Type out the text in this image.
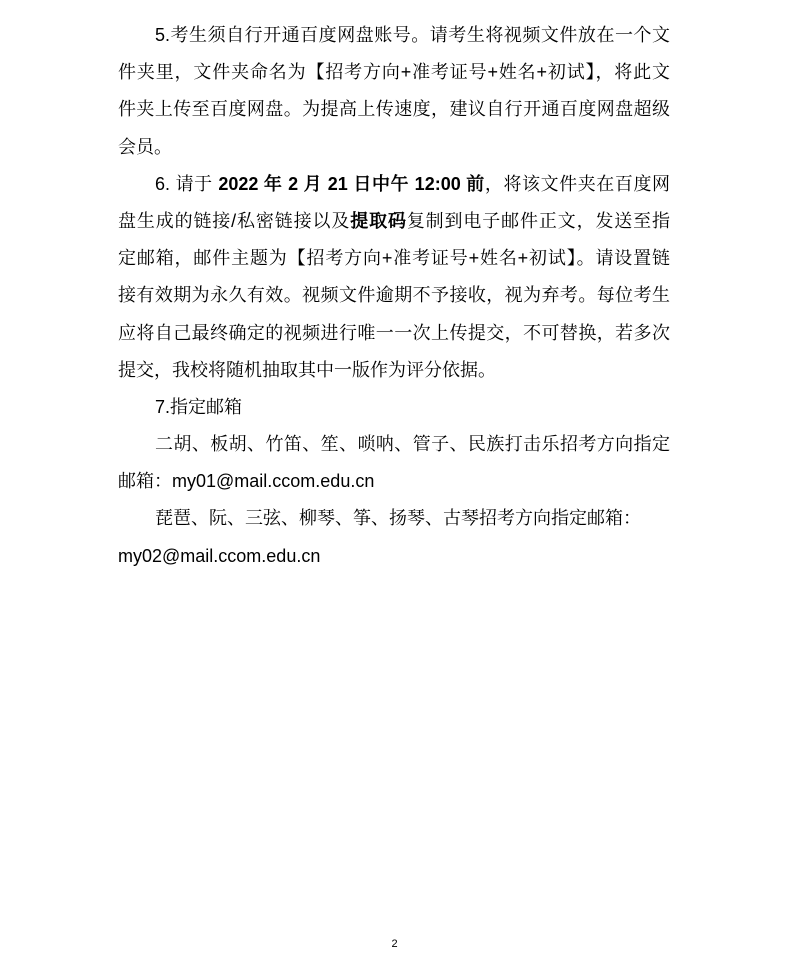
5.考生须自行开通百度网盘账号。请考生将视频文件放在一个文
件夹里，文件夹命名为【招考方向+准考证号+姓名+初试】，将此文
件夹上传至百度网盘。为提高上传速度，建议自行开通百度网盘超级
会员。
6. 请于 2022 年 2 月 21 日中午 12:00 前，将该文件夹在百度网
盘生成的链接/私密链接以及提取码复制到电子邮件正文，发送至指
定邮箱，邮件主题为【招考方向+准考证号+姓名+初试】。请设置链
接有效期为永久有效。视频文件逾期不予接收，视为弃考。每位考生
应将自己最终确定的视频进行唯一一次上传提交，不可替换，若多次
提交，我校将随机抽取其中一版作为评分依据。
7.指定邮箱
二胡、板胡、竹笛、笙、唢呐、管子、民族打击乐招考方向指定
邮箱：my01@mail.ccom.edu.cn
琵琶、阮、三弦、柳琴、筝、扬琴、古琴招考方向指定邮箱：
my02@mail.ccom.edu.cn
2
